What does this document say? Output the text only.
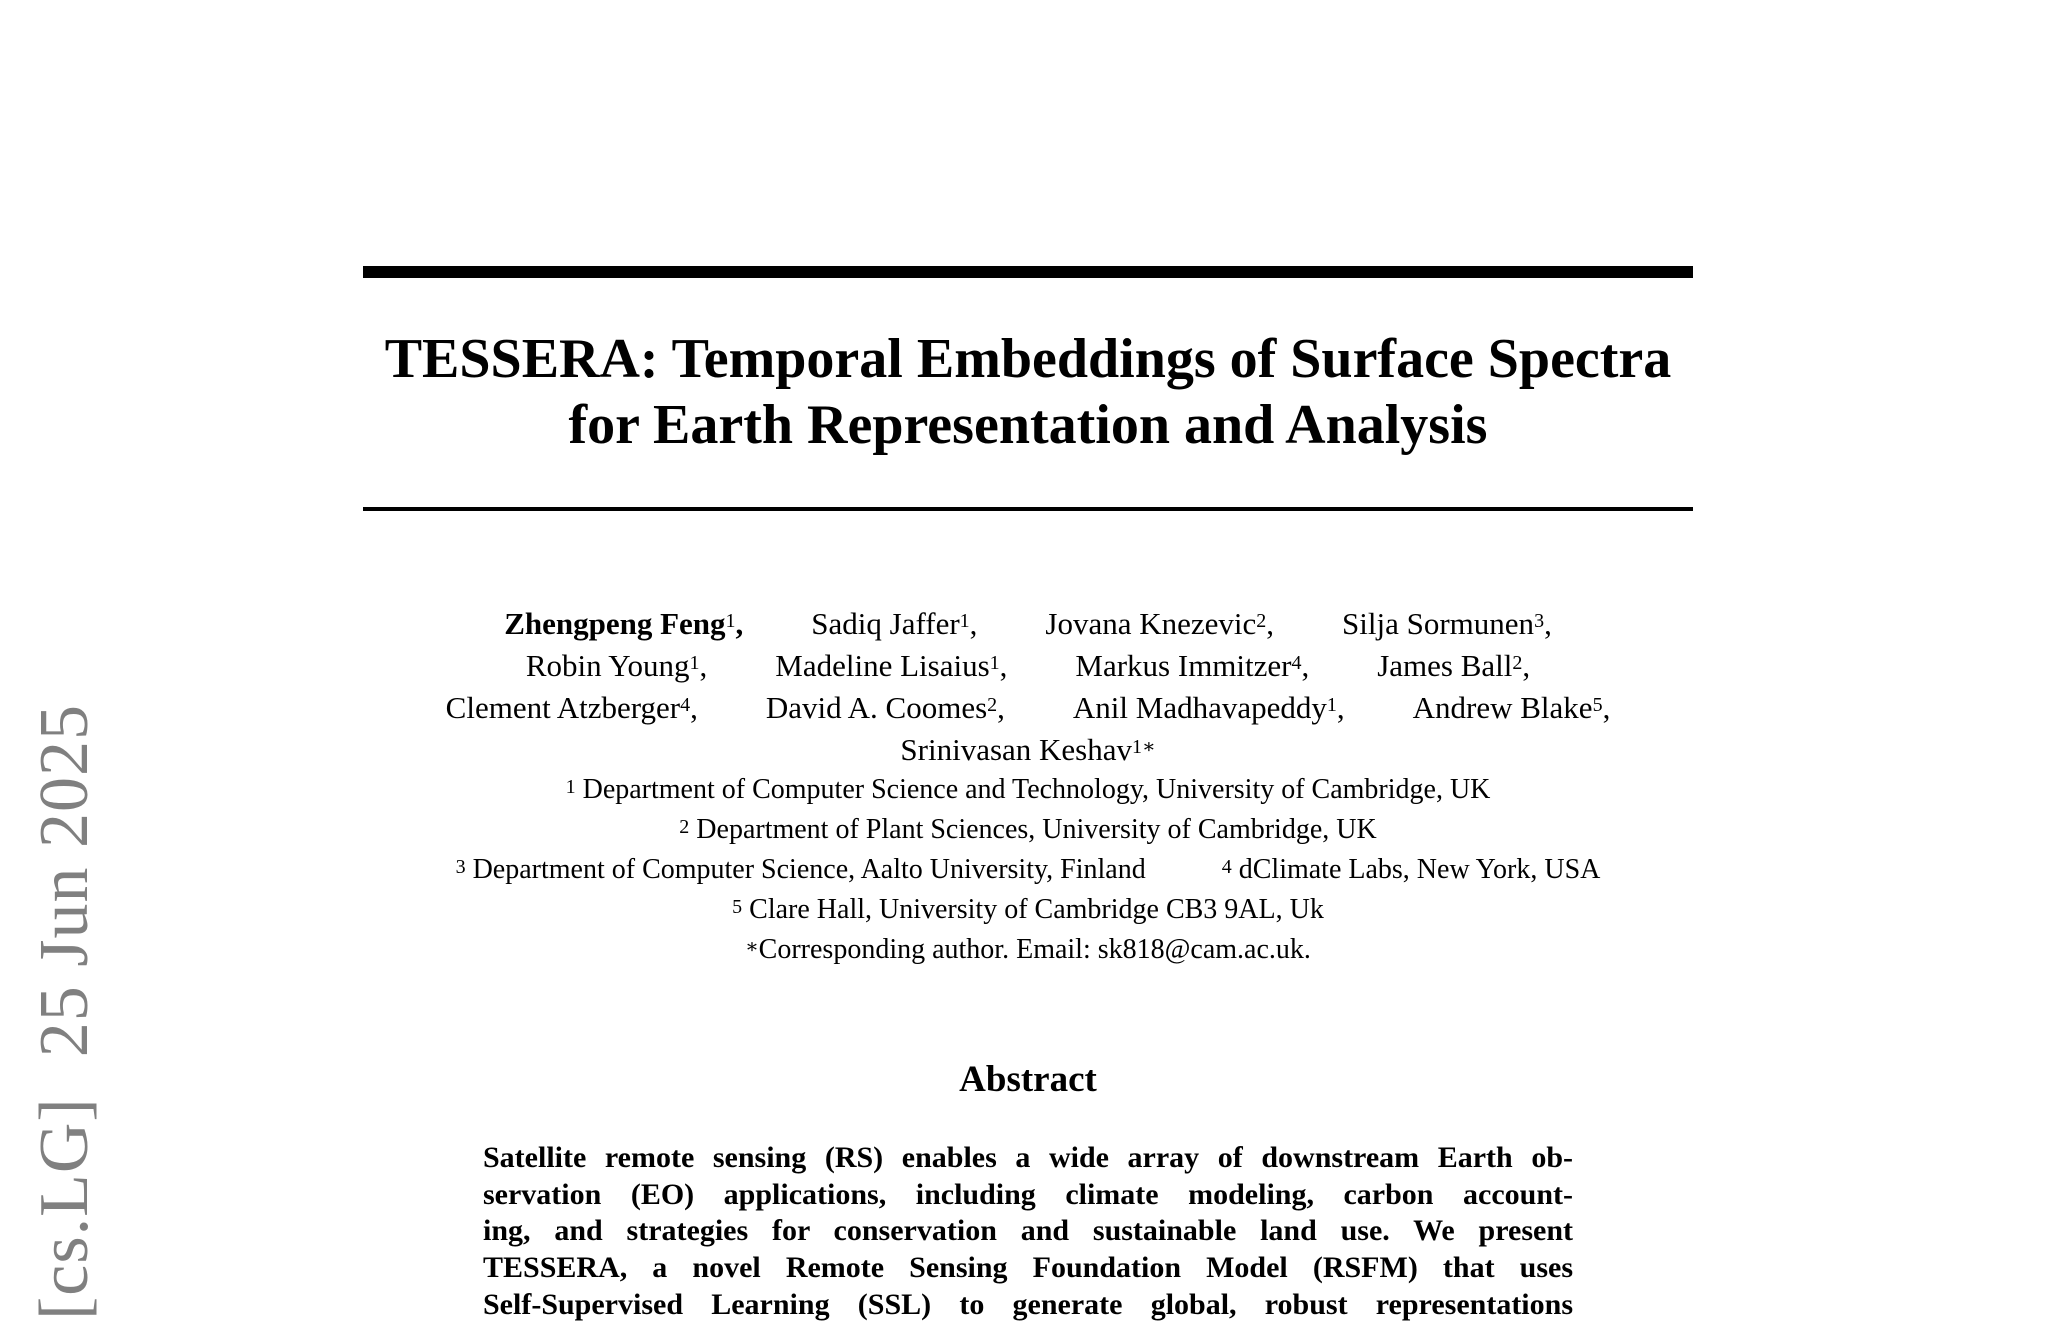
[cs.LG]25 Jun 2025
TESSERA: Temporal Embeddings of Surface Spectra
for Earth Representation and Analysis
Zhengpeng Feng$^1$, Sadiq Jaffer$^1$, Jovana Knezevic$^2$, Silja Sormunen$^3$,
Robin Young$^1$, Madeline Lisaius$^1$, Markus Immitzer$^4$, James Ball$^2$,
Clement Atzberger$^4$, David A. Coomes$^2$, Anil Madhavapeddy$^1$, Andrew Blake$^5$,
Srinivasan Keshav$^{1∗}$
$^1$ Department of Computer Science and Technology, University of Cambridge, UK
$^2$ Department of Plant Sciences, University of Cambridge, UK
$^3$ Department of Computer Science, Aalto University, Finland	$^4$ dClimate Labs, New York, USA
$^5$ Clare Hall, University of Cambridge CB3 9AL, Uk
∗Corresponding author. Email: sk818@cam.ac.uk.
Abstract
Satellite remote sensing (RS) enables a wide array of downstream Earth ob-
servation (EO) applications, including climate modeling, carbon account-
ing, and strategies for conservation and sustainable land use. We present
TESSERA, a novel Remote Sensing Foundation Model (RSFM) that uses
Self-Supervised Learning (SSL) to generate global, robust representations
